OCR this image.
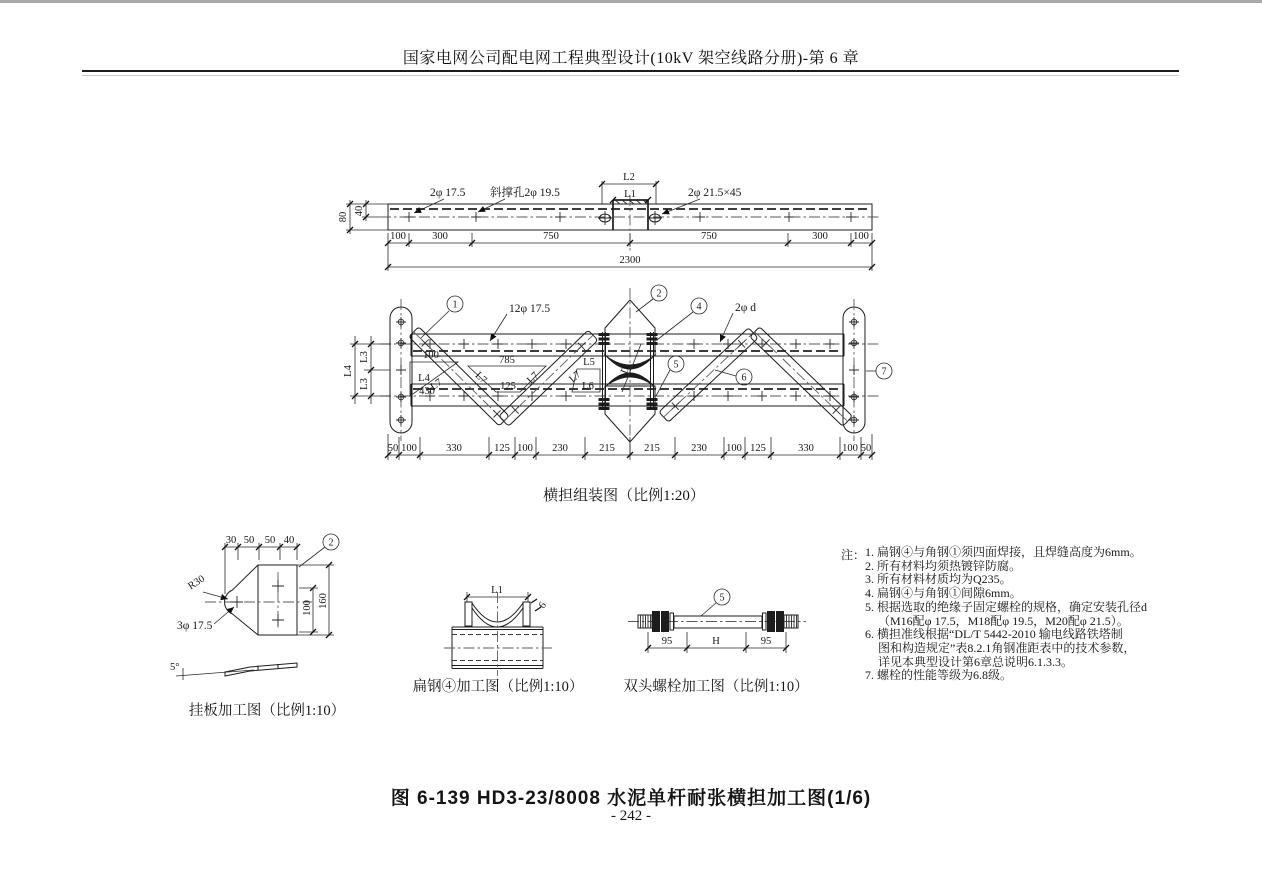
国家电网公司配电网工程典型设计(10kV 架空线路分册)-第 6 章
2φ 17.5 斜撑孔2φ 19.5	2φ 21.5×45
L2
L1
80
40
100	300	750	750	300 100
2300
D
1
2
4
5
6
7
12φ 17.5	2φ d
100
L4
430
L7
785
125
L7	L7
L5
L6
L7
L3
L3
L4
50 100	330	125 100 230	215	215	230 100 125	330	100 50
横担组装图（比例1:20）
30 50 50 40
R30
3φ 17.5
2
100 160
5°
挂板加工图（比例1:10）
L1
6
扁钢④加工图（比例1:10）
5
95	H	95
双头螺栓加工图（比例1:10）
注： 1. 扁钢④与角钢①须四面焊接，且焊缝高度为6mm。
2. 所有材料均须热镀锌防腐。
3. 所有材料材质均为Q235。
4. 扁钢④与角钢①间隙6mm。
5. 根据选取的绝缘子固定螺栓的规格，确定安装孔径d
（M16配φ 17.5，M18配φ 19.5，M20配φ 21.5）。
6. 横担准线根据“DL/T 5442-2010 输电线路铁塔制
图和构造规定”表8.2.1角钢准距表中的技术参数，
详见本典型设计第6章总说明6.1.3.3。
7. 螺栓的性能等级为6.8级。
图 6-139 HD3-23/8008 水泥单杆耐张横担加工图(1/6)
- 242 -
